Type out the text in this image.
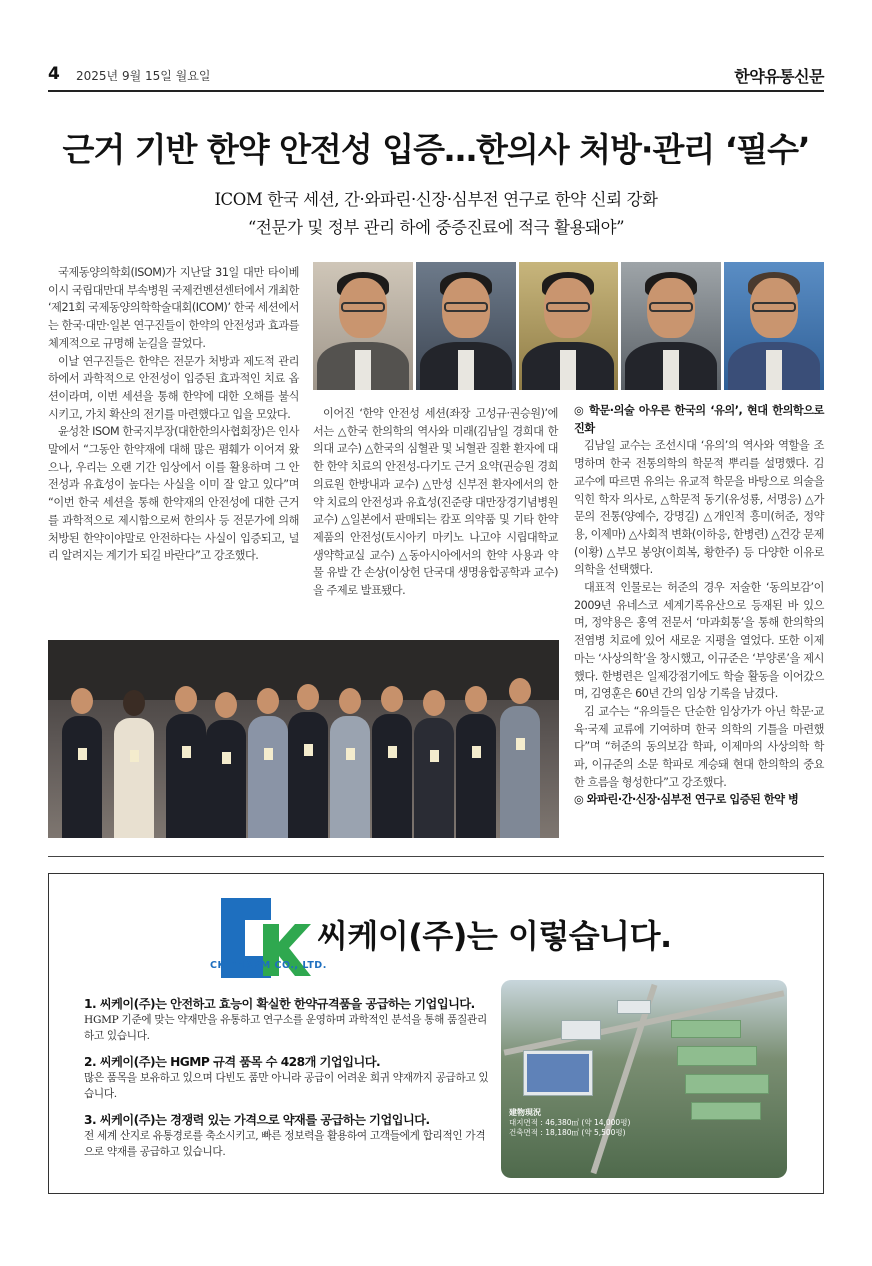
4 2025년 9월 15일 월요일	한약유통신문
근거 기반 한약 안전성 입증…한의사 처방·관리 ‘필수’
ICOM 한국 세션, 간·와파린·신장·심부전 연구로 한약 신뢰 강화
“전문가 및 정부 관리 하에 중증진료에 적극 활용돼야”

국제동양의학회(ISOM)가 지난달 31일 대만 타이베이시 국립대만대 부속병원 국제컨벤션센터에서 개최한 ‘제21회 국제동양의학학술대회(ICOM)’ 한국 세션에서는 한국·대만·일본 연구진들이 한약의 안전성과 효과를 체계적으로 규명해 눈길을 끌었다.

이날 연구진들은 한약은 전문가 처방과 제도적 관리 하에서 과학적으로 안전성이 입증된 효과적인 치료 옵션이라며, 이번 세션을 통해 한약에 대한 오해를 불식시키고, 가치 확산의 전기를 마련했다고 입을 모았다.

윤성찬 ISOM 한국지부장(대한한의사협회장)은 인사말에서 “그동안 한약재에 대해 많은 폄훼가 이어져 왔으나, 우리는 오랜 기간 임상에서 이를 활용하며 그 안전성과 유효성이 높다는 사실을 이미 잘 알고 있다”며 “이번 한국 세션을 통해 한약재의 안전성에 대한 근거를 과학적으로 제시함으로써 한의사 등 전문가에 의해 처방된 한약이야말로 안전하다는 사실이 입증되고, 널리 알려지는 계기가 되길 바란다”고 강조했다.

이어진 ‘한약 안전성 세션(좌장 고성규·권승원)’에서는 △한국 한의학의 역사와 미래(김남일 경희대 한의대 교수) △한국의 심혈관 및 뇌혈관 질환 환자에 대한 한약 치료의 안전성-다기도 근거 요약(권승원 경희의료원 한방내과 교수) △만성 신부전 환자에서의 한약 치료의 안전성과 유효성(진준량 대만장경기념병원 교수) △일본에서 판매되는 캄포 의약품 및 기타 한약 제품의 안전성(토시아키 마키노 나고야 시립대학교 생약학교실 교수) △동아시아에서의 한약 사용과 약물 유발 간 손상(이상헌 단국대 생명융합공학과 교수)을 주제로 발표됐다.

◎ 학문·의술 아우른 한국의 ‘유의’, 현대 한의학으로 진화

김남일 교수는 조선시대 ‘유의’의 역사와 역할을 조명하며 한국 전통의학의 학문적 뿌리를 설명했다. 김 교수에 따르면 유의는 유교적 학문을 바탕으로 의술을 익힌 학자 의사로, △학문적 동기(유성룡, 서명응) △가문의 전통(양예수, 강명길) △개인적 흥미(허준, 정약용, 이제마) △사회적 변화(이하응, 한병련) △건강 문제(이황) △부모 봉양(이희복, 황한주) 등 다양한 이유로 의학을 선택했다.

대표적 인물로는 허준의 경우 저술한 ‘동의보감’이 2009년 유네스코 세계기록유산으로 등재된 바 있으며, 정약용은 홍역 전문서 ‘마과회통’을 통해 한의학의 전염병 치료에 있어 새로운 지평을 열었다. 또한 이제마는 ‘사상의학’을 창시했고, 이규준은 ‘부양론’을 제시했다. 한병련은 일제강점기에도 학술 활동을 이어갔으며, 김영훈은 60년 간의 임상 기록을 남겼다.

김 교수는 “유의들은 단순한 임상가가 아닌 학문·교육·국제 교류에 기여하며 한국 의학의 기틀을 마련했다”며 “허준의 동의보감 학파, 이제마의 사상의학 학파, 이규준의 소문 학파로 계승돼 현대 한의학의 중요한 흐름을 형성한다”고 강조했다.

◎ 와파린·간·신장·심부전 연구로 입증된 한약 병

CK PHARM CO., LTD.
씨케이(주)는 이렇습니다.
1. 씨케이(주)는 안전하고 효능이 확실한 한약규격품을 공급하는 기업입니다.
HGMP 기준에 맞는 약재만을 유통하고 연구소를 운영하며 과학적인 분석을 통해 품질관리 하고 있습니다.
2. 씨케이(주)는 HGMP 규격 품목 수 428개 기업입니다.
많은 품목을 보유하고 있으며 다빈도 품만 아니라 공급이 어려운 희귀 약재까지 공급하고 있습니다.
3. 씨케이(주)는 경쟁력 있는 가격으로 약재를 공급하는 기업입니다.
전 세계 산지로 유통경로를 축소시키고, 빠른 정보력을 활용하여 고객들에게 합리적인 가격으로 약재를 공급하고 있습니다.
建物現況
대지면적 : 46,380㎡ (약 14,000평)
건축면적 : 18,180㎡ (약 5,500평)
